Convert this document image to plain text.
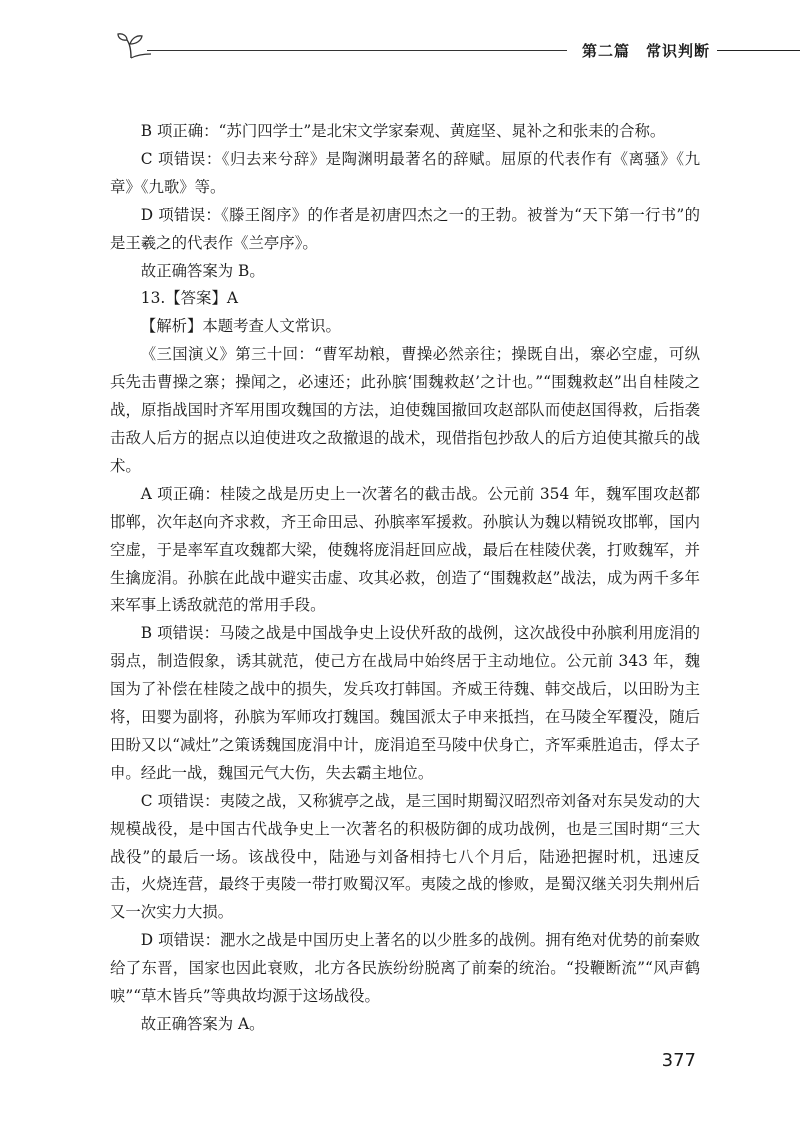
第二篇　常识判断

B 项正确：“苏门四学士”是北宋文学家秦观、黄庭坚、晁补之和张耒的合称。

C 项错误：《归去来兮辞》是陶渊明最著名的辞赋。屈原的代表作有《离骚》《九章》《九歌》等。

D 项错误：《滕王阁序》的作者是初唐四杰之一的王勃。被誉为“天下第一行书”的是王羲之的代表作《兰亭序》。

故正确答案为 B。

13.【答案】A

【解析】本题考查人文常识。

《三国演义》第三十回：“曹军劫粮，曹操必然亲往；操既自出，寨必空虚，可纵兵先击曹操之寨；操闻之，必速还；此孙膑‘围魏救赵’之计也。”“围魏救赵”出自桂陵之战，原指战国时齐军用围攻魏国的方法，迫使魏国撤回攻赵部队而使赵国得救，后指袭击敌人后方的据点以迫使进攻之敌撤退的战术，现借指包抄敌人的后方迫使其撤兵的战术。

A 项正确：桂陵之战是历史上一次著名的截击战。公元前 354 年，魏军围攻赵都邯郸，次年赵向齐求救，齐王命田忌、孙膑率军援救。孙膑认为魏以精锐攻邯郸，国内空虚，于是率军直攻魏都大梁，使魏将庞涓赶回应战，最后在桂陵伏袭，打败魏军，并生擒庞涓。孙膑在此战中避实击虚、攻其必救，创造了“围魏救赵”战法，成为两千多年来军事上诱敌就范的常用手段。

B 项错误：马陵之战是中国战争史上设伏歼敌的战例，这次战役中孙膑利用庞涓的弱点，制造假象，诱其就范，使己方在战局中始终居于主动地位。公元前 343 年，魏国为了补偿在桂陵之战中的损失，发兵攻打韩国。齐威王待魏、韩交战后，以田盼为主将，田婴为副将，孙膑为军师攻打魏国。魏国派太子申来抵挡，在马陵全军覆没，随后田盼又以“减灶”之策诱魏国庞涓中计，庞涓追至马陵中伏身亡，齐军乘胜追击，俘太子申。经此一战，魏国元气大伤，失去霸主地位。

C 项错误：夷陵之战，又称猇亭之战，是三国时期蜀汉昭烈帝刘备对东吴发动的大规模战役，是中国古代战争史上一次著名的积极防御的成功战例，也是三国时期“三大战役”的最后一场。该战役中，陆逊与刘备相持七八个月后，陆逊把握时机，迅速反击，火烧连营，最终于夷陵一带打败蜀汉军。夷陵之战的惨败，是蜀汉继关羽失荆州后又一次实力大损。

D 项错误：淝水之战是中国历史上著名的以少胜多的战例。拥有绝对优势的前秦败给了东晋，国家也因此衰败，北方各民族纷纷脱离了前秦的统治。“投鞭断流”“风声鹤唳”“草木皆兵”等典故均源于这场战役。

故正确答案为 A。

377
